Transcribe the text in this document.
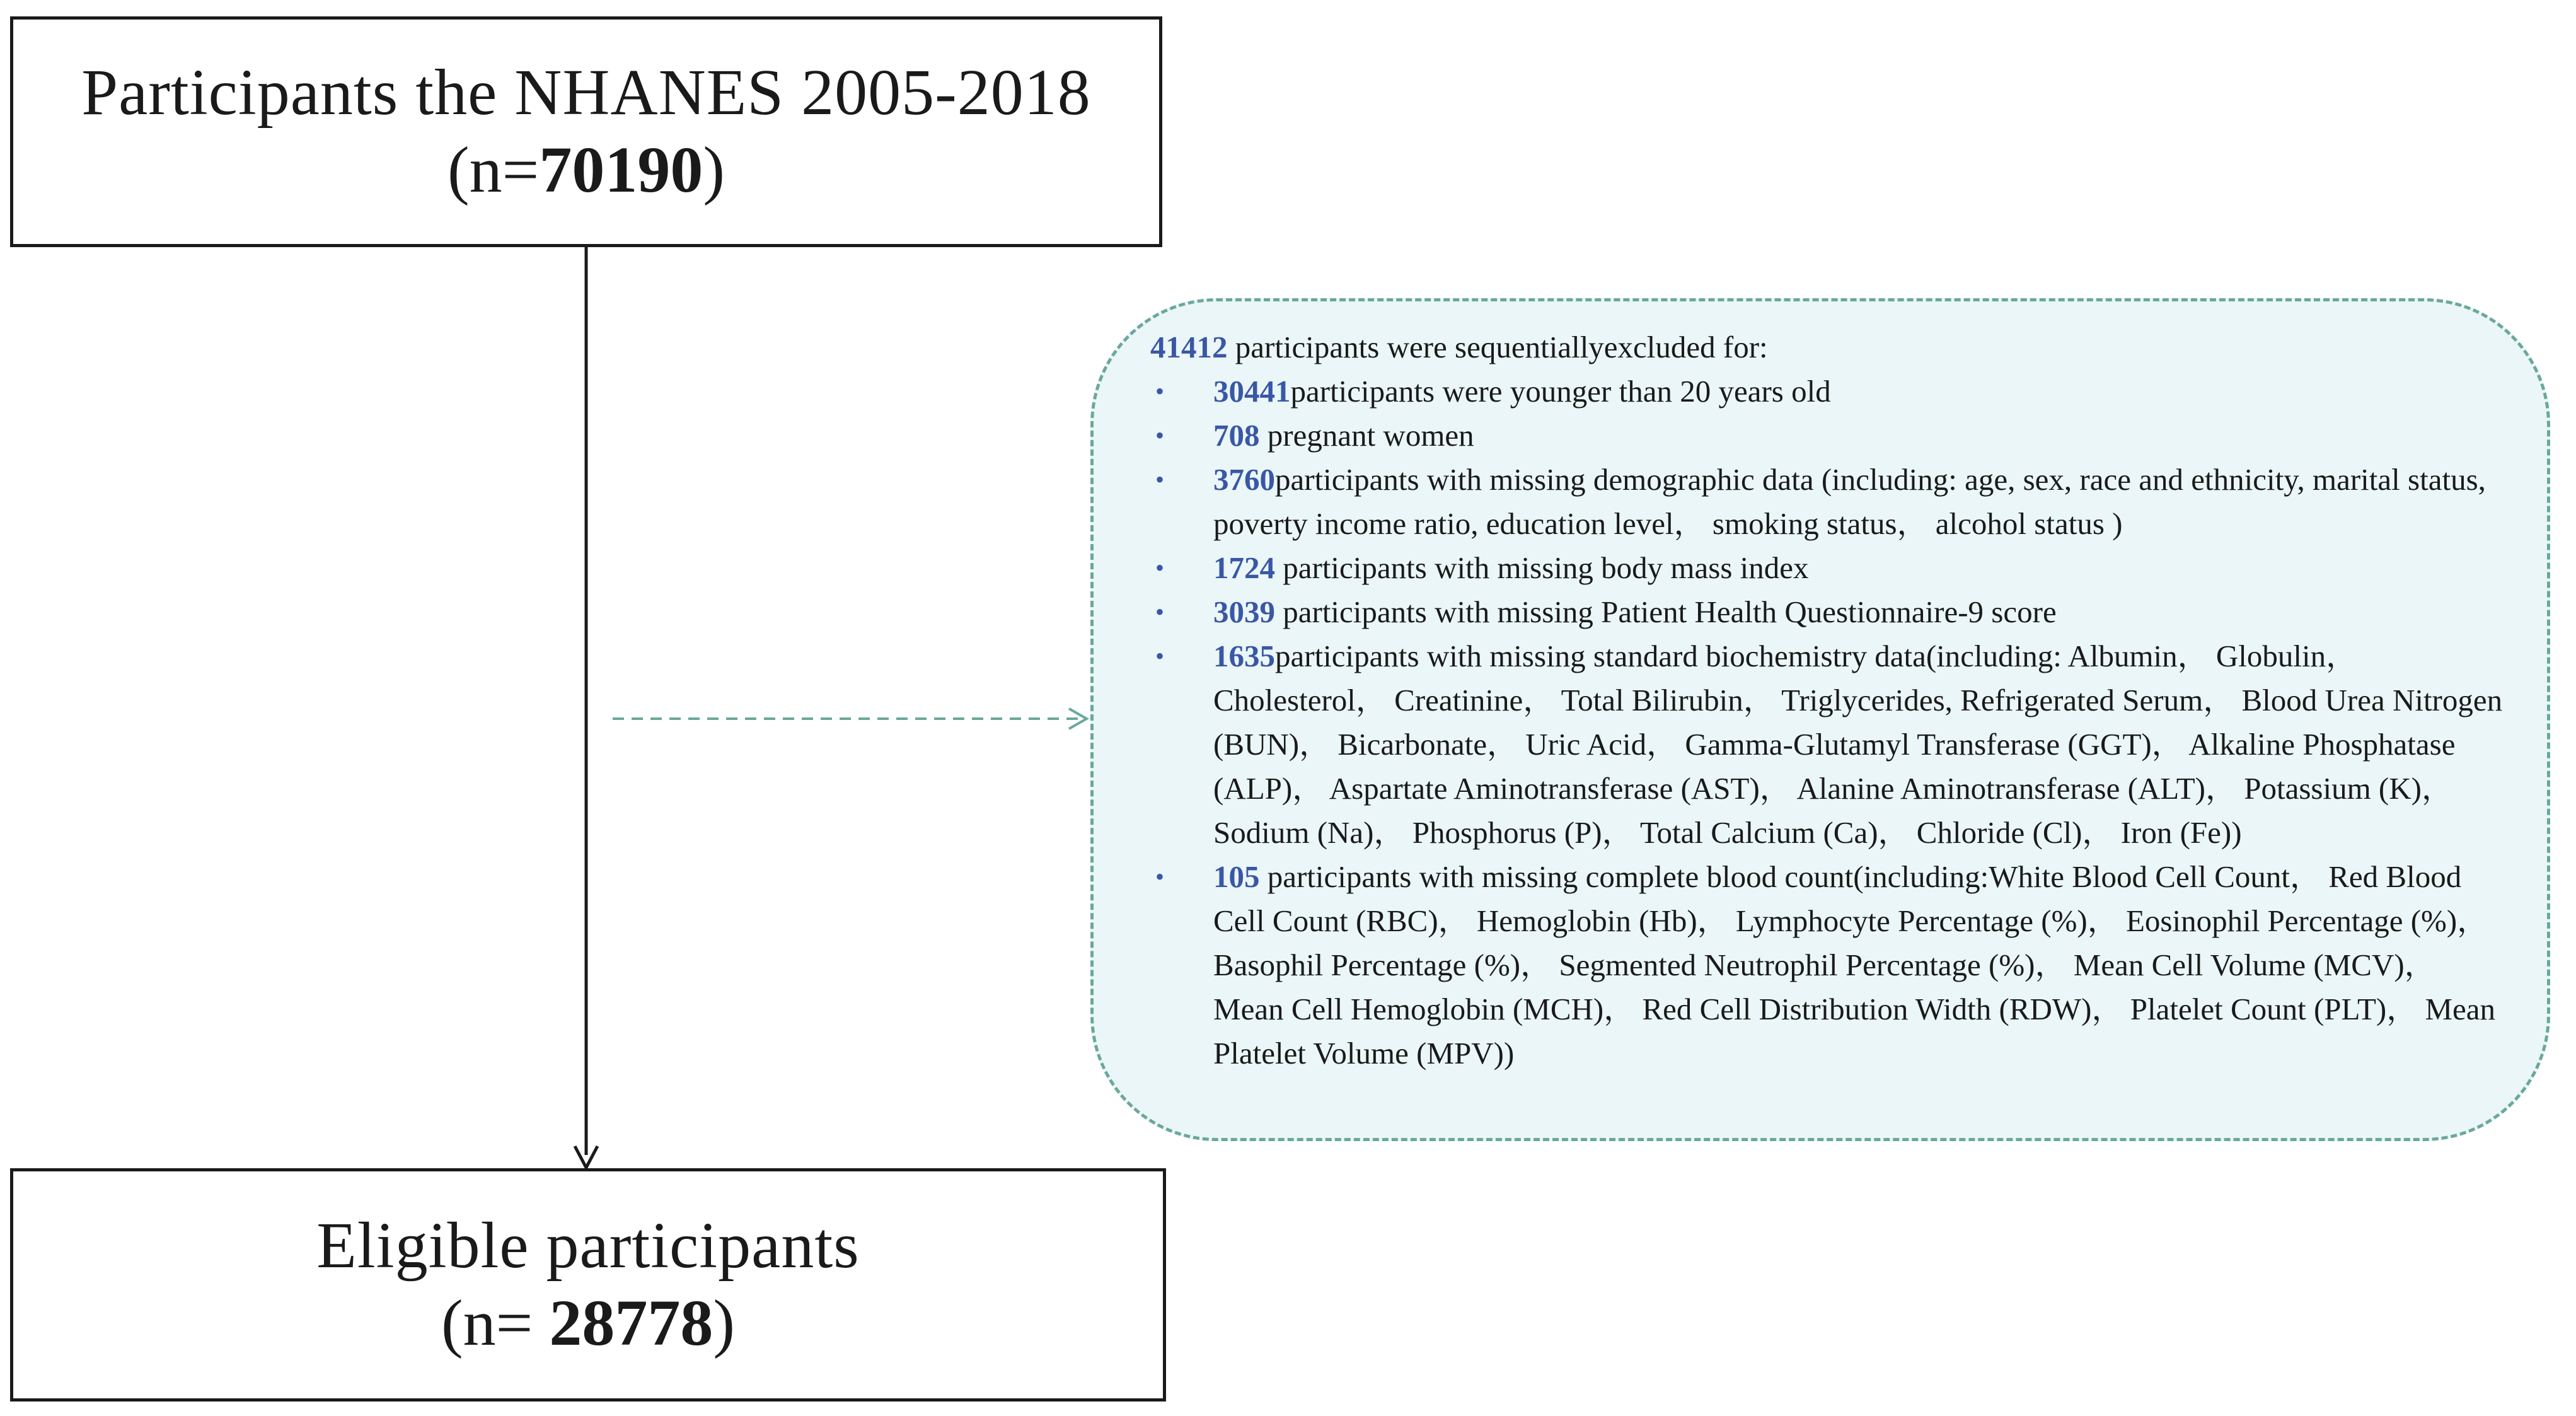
Participants the NHANES 2005-2018
(n=70190)
41412 participants were sequentiallyexcluded for:
• 30441participants were younger than 20 years old
• 708 pregnant women
• 3760participants with missing demographic data (including: age, sex, race and ethnicity, marital status, poverty income ratio, education level， smoking status， alcohol status )
• 1724 participants with missing body mass index
• 3039 participants with missing Patient Health Questionnaire-9 score
• 1635participants with missing standard biochemistry data(including: Albumin， Globulin， Cholesterol， Creatinine， Total Bilirubin， Triglycerides, Refrigerated Serum， Blood Urea Nitrogen (BUN)， Bicarbonate， Uric Acid， Gamma-Glutamyl Transferase (GGT)， Alkaline Phosphatase (ALP)， Aspartate Aminotransferase (AST)， Alanine Aminotransferase (ALT)， Potassium (K)， Sodium (Na)， Phosphorus (P)， Total Calcium (Ca)， Chloride (Cl)， Iron (Fe))
• 105 participants with missing complete blood count(including:White Blood Cell Count， Red Blood Cell Count (RBC)， Hemoglobin (Hb)， Lymphocyte Percentage (%)， Eosinophil Percentage (%)， Basophil Percentage (%)， Segmented Neutrophil Percentage (%)， Mean Cell Volume (MCV)， Mean Cell Hemoglobin (MCH)， Red Cell Distribution Width (RDW)， Platelet Count (PLT)， Mean Platelet Volume (MPV))
Eligible participants
(n= 28778)
